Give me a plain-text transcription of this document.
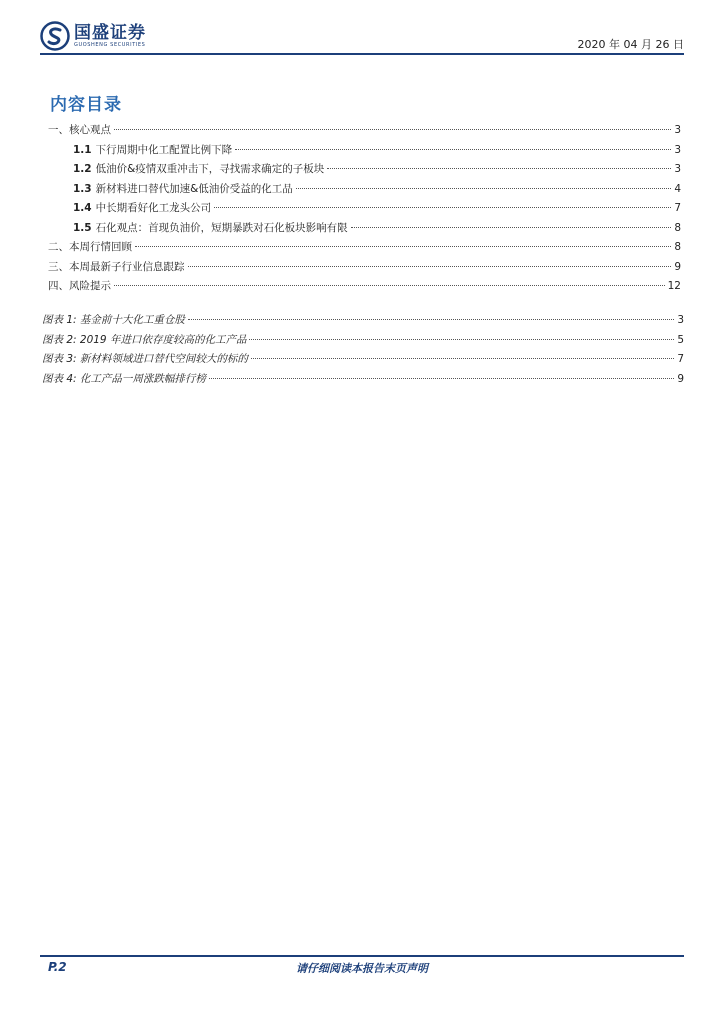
国盛证券
GUOSHENG SECURITIES	2020 年 04 月 26 日
内容目录
一、核心观点	3
1.1 下行周期中化工配置比例下降	3
1.2 低油价&疫情双重冲击下，寻找需求确定的子板块	3
1.3 新材料进口替代加速&低油价受益的化工品	4
1.4 中长期看好化工龙头公司	7
1.5 石化观点：首现负油价，短期暴跌对石化板块影响有限	8
二、本周行情回顾	8
三、本周最新子行业信息跟踪	9
四、风险提示	12
图表 1: 基金前十大化工重仓股	3
图表 2: 2019 年进口依存度较高的化工产品	5
图表 3: 新材料领域进口替代空间较大的标的	7
图表 4: 化工产品一周涨跌幅排行榜	9
请仔细阅读本报告末页声明
P.2
